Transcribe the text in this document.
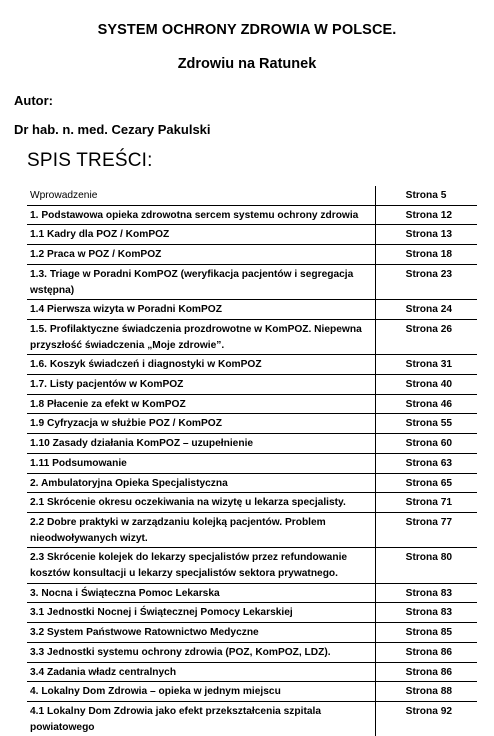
SYSTEM OCHRONY ZDROWIA W POLSCE.
Zdrowiu na Ratunek
Autor:
Dr hab. n. med. Cezary Pakulski
SPIS TREŚCI:
Wprowadzenie	Strona 5
1. Podstawowa opieka zdrowotna sercem systemu ochrony zdrowia	Strona 12
1.1 Kadry dla POZ / KomPOZ	Strona 13
1.2 Praca w POZ / KomPOZ	Strona 18
1.3. Triage w Poradni KomPOZ (weryfikacja pacjentów i segregacja wstępna)	Strona 23
1.4 Pierwsza wizyta w Poradni KomPOZ	Strona 24
1.5. Profilaktyczne świadczenia prozdrowotne w KomPOZ. Niepewna przyszłość świadczenia „Moje zdrowie”.	Strona 26
1.6. Koszyk świadczeń i diagnostyki w KomPOZ	Strona 31
1.7. Listy pacjentów w KomPOZ	Strona 40
1.8 Płacenie za efekt w KomPOZ	Strona 46
1.9 Cyfryzacja w służbie POZ / KomPOZ	Strona 55
1.10 Zasady działania KomPOZ – uzupełnienie	Strona 60
1.11 Podsumowanie	Strona 63
2. Ambulatoryjna Opieka Specjalistyczna	Strona 65
2.1 Skrócenie okresu oczekiwania na wizytę u lekarza specjalisty.	Strona 71
2.2 Dobre praktyki w zarządzaniu kolejką pacjentów. Problem nieodwoływanych wizyt.	Strona 77
2.3 Skrócenie kolejek do lekarzy specjalistów przez refundowanie kosztów konsultacji u lekarzy specjalistów sektora prywatnego.	Strona 80
3. Nocna i Świąteczna Pomoc Lekarska	Strona 83
3.1 Jednostki Nocnej i Świątecznej Pomocy Lekarskiej	Strona 83
3.2 System Państwowe Ratownictwo Medyczne	Strona 85
3.3 Jednostki systemu ochrony zdrowia (POZ, KomPOZ, LDZ).	Strona 86
3.4 Zadania władz centralnych	Strona 86
4. Lokalny Dom Zdrowia – opieka w jednym miejscu	Strona 88
4.1 Lokalny Dom Zdrowia jako efekt przekształcenia szpitala powiatowego	Strona 92
